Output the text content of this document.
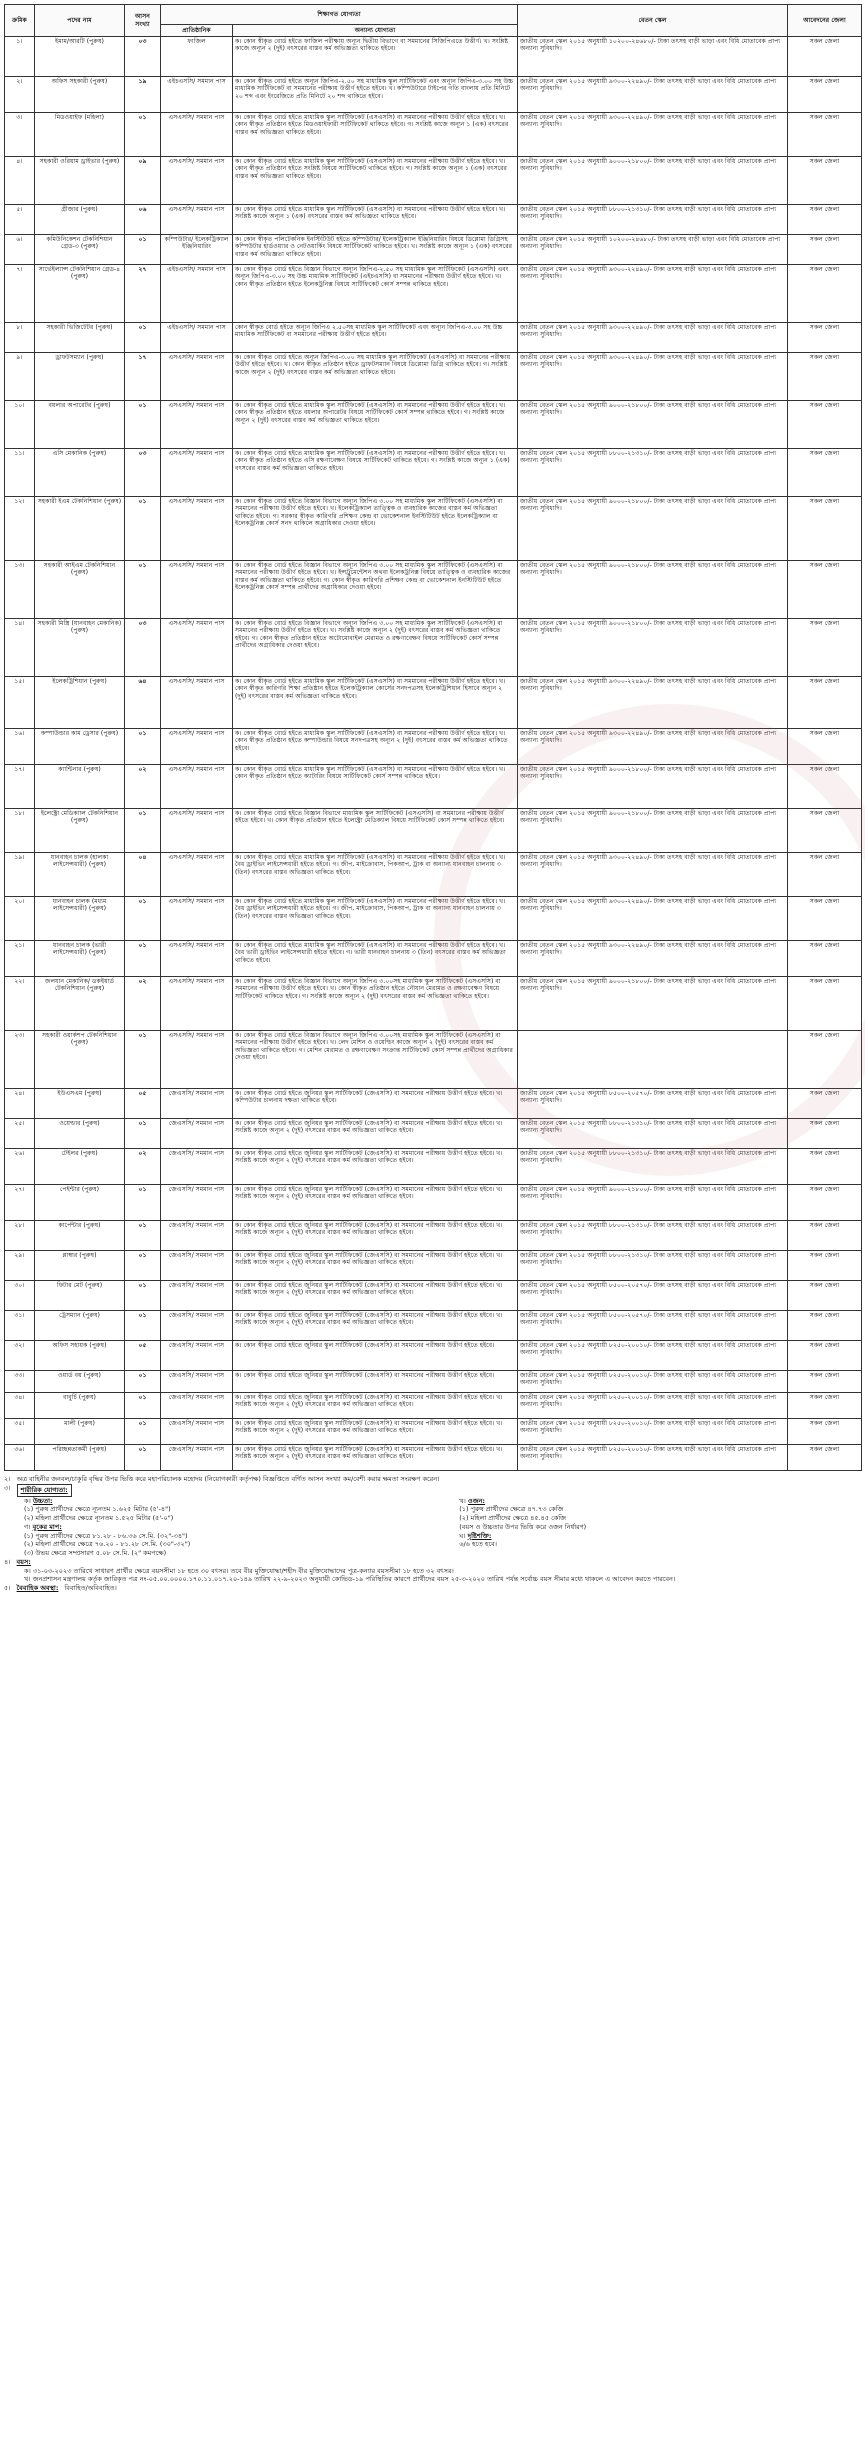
ক্রমিক	পদের নাম	আসন সংখ্যা	শিক্ষাগত যোগ্যতা		বেতন স্কেল	আবেদনের জেলা
			প্রাতিষ্ঠানিক	অন্যান্য যোগ্যতা		
১।	ইমাম/আরটি (পুরুষ)	০৩	ফাজিল	ক। কোন স্বীকৃত বোর্ড হইতে ফাজিল পরীক্ষায় অন্যূন দ্বিতীয় বিভাগে বা সমমানের সিজিপিএতে উত্তীর্ণ। খ। সংশ্লিষ্ট কাজে অন্যূন ২ (দুই) বৎসরের বাস্তব কর্ম অভিজ্ঞতা থাকিতে হইবে।	জাতীয় বেতন স্কেল ২০১৫ অনুযায়ী ১০২০০-২৪৬৮০/- টাকা তৎসহ বাড়ী ভাড়া এবং বিধি মোতাবেক প্রাপ্য অন্যান্য সুবিধাদি।	সকল জেলা
২।	অফিস সহকারী (পুরুষ)	১৯	এইচএসসি/ সমমান পাস	ক। কোন স্বীকৃত বোর্ড হইতে অন্যূন জিপিএ-২.৫০ সহ মাধ্যমিক স্কুল সার্টিফিকেট এবং অন্যূন জিপিএ-৩.০০ সহ উচ্চ মাধ্যমিক সার্টিফিকেট বা সমমানের পরীক্ষায় উত্তীর্ণ হইতে হইবে। খ। কম্পিউটারে টাইপের গতি বাংলায় প্রতি মিনিটে ২০ শব্দ এবং ইংরেজিতে প্রতি মিনিটে ২০ শব্দ থাকিতে হইবে।	জাতীয় বেতন স্কেল ২০১৫ অনুযায়ী ৯৩০০-২২৪৯০/- টাকা তৎসহ বাড়ী ভাড়া এবং বিধি মোতাবেক প্রাপ্য অন্যান্য সুবিধাদি।	সকল জেলা
৩।	মিডওয়াইফ (মহিলা)	০১	এসএসসি/ সমমান পাস	ক। কোন স্বীকৃত বোর্ড হইতে মাধ্যমিক স্কুল সার্টিফিকেট (এসএসসি) বা সমমানের পরীক্ষায় উত্তীর্ণ হইতে হইবে। খ। কোন স্বীকৃত প্রতিষ্ঠান হইতে মিডওয়াইফারী সার্টিফিকেট থাকিতে হইবে। গ। সংশ্লিষ্ট কাজে অন্যূন ১ (এক) বৎসরের বাস্তব কর্ম অভিজ্ঞতা থাকিতে হইবে।	জাতীয় বেতন স্কেল ২০১৫ অনুযায়ী ৯৩০০-২২৪৯০/- টাকা তৎসহ বাড়ী ভাড়া এবং বিধি মোতাবেক প্রাপ্য অন্যান্য সুবিধাদি।	সকল জেলা
৪।	সহকারী ওরিয়াম ড্রাইভার (পুরুষ)	০৯	এসএসসি/ সমমান পাস	ক। কোন স্বীকৃত বোর্ড হইতে মাধ্যমিক স্কুল সার্টিফিকেট (এসএসসি) বা সমমানের পরীক্ষায় উত্তীর্ণ হইতে হইবে। খ। কোন স্বীকৃত প্রতিষ্ঠান হইতে সংশ্লিষ্ট বিষয়ে সার্টিফিকেট থাকিতে হইবে। গ। সংশ্লিষ্ট কাজে অন্যূন ১ (এক) বৎসরের বাস্তব কর্ম অভিজ্ঞতা থাকিতে হইবে।	জাতীয় বেতন স্কেল ২০১৫ অনুযায়ী ৯০০০-২১৮০০/- টাকা তৎসহ বাড়ী ভাড়া এবং বিধি মোতাবেক প্রাপ্য অন্যান্য সুবিধাদি।	সকল জেলা
৫।	গ্রীজার (পুরুষ)	০৬	এসএসসি/ সমমান পাস	ক। কোন স্বীকৃত বোর্ড হইতে মাধ্যমিক স্কুল সার্টিফিকেট (এসএসসি) বা সমমানের পরীক্ষায় উত্তীর্ণ হইতে হইবে। খ। সংশ্লিষ্ট কাজে অন্যূন ১ (এক) বৎসরের বাস্তব কর্ম অভিজ্ঞতা থাকিতে হইবে।	জাতীয় বেতন স্কেল ২০১৫ অনুযায়ী ৮৮০০-২১৩১০/- টাকা তৎসহ বাড়ী ভাড়া এবং বিধি মোতাবেক প্রাপ্য অন্যান্য সুবিধাদি।	সকল জেলা
৬।	কমিউনিকেশন টেকনিশিয়ান গ্রেড-৩ (পুরুষ)	০১	কম্পিউটার/ ইলেকট্রিক্যাল ইঞ্জিনিয়ারিং	ক। কোন স্বীকৃত পলিটেকনিক ইনস্টিটিউট হইতে কম্পিউটার/ ইলেকট্রিক্যাল ইঞ্জিনিয়ারিং বিষয়ে ডিপ্লোমা ডিগ্রিসহ কম্পিউটার হার্ডওয়্যার ও নেটওয়ার্কিং বিষয়ে সার্টিফিকেট থাকিতে হইবে। খ। সংশ্লিষ্ট কাজে অন্যূন ১ (এক) বৎসরের বাস্তব কর্ম অভিজ্ঞতা থাকিতে হইবে।	জাতীয় বেতন স্কেল ২০১৫ অনুযায়ী ১০২০০-২৪৬৮০/- টাকা তৎসহ বাড়ী ভাড়া এবং বিধি মোতাবেক প্রাপ্য অন্যান্য সুবিধাদি।	সকল জেলা
৭।	সার্ভেইল্যান্স টেকনিশিয়ান গ্রেড-৪ (পুরুষ)	২৭	এইচএসসি/ সমমান পাস	ক। কোন স্বীকৃত বোর্ড হইতে বিজ্ঞান বিভাগে অন্যূন জিপিএ-২.৫০ সহ মাধ্যমিক স্কুল সার্টিফিকেট (এসএসসি) এবং অন্যূন জিপিএ-৩.০০ সহ উচ্চ মাধ্যমিক সার্টিফিকেট (এইচএসসি) বা সমমানের পরীক্ষায় উত্তীর্ণ হইতে হইবে। খ। কোন স্বীকৃত প্রতিষ্ঠান হইতে ইলেকট্রনিক্স বিষয়ে সার্টিফিকেট কোর্স সম্পন্ন থাকিতে হইবে।	জাতীয় বেতন স্কেল ২০১৫ অনুযায়ী ৯৩০০-২২৪৯০/- টাকা তৎসহ বাড়ী ভাড়া এবং বিধি মোতাবেক প্রাপ্য অন্যান্য সুবিধাদি।	সকল জেলা
৮।	সহকারী ভিজিটেটর (পুরুষ)	০১	এইচএসসি/ সমমান পাস	কোন স্বীকৃত বোর্ড হইতে অন্যূন জিপিএ ২.৫০সহ মাধ্যমিক স্কুল সার্টিফিকেট এবং অন্যূন জিপিএ-৩.০০ সহ উচ্চ মাধ্যমিক সার্টিফিকেট বা সমমানের পরীক্ষায় উত্তীর্ণ হইতে হইবে।	জাতীয় বেতন স্কেল ২০১৫ অনুযায়ী ৯৩০০-২২৪৯০/- টাকা তৎসহ বাড়ী ভাড়া এবং বিধি মোতাবেক প্রাপ্য অন্যান্য সুবিধাদি।	সকল জেলা
৯।	ড্রাফটসম্যান (পুরুষ)	১৭	এসএসসি/ সমমান পাস	ক। কোন স্বীকৃত বোর্ড হইতে অন্যূন জিপিএ-৩.০০ সহ মাধ্যমিক স্কুল সার্টিফিকেট (এসএসসি) বা সমমানের পরীক্ষায় উত্তীর্ণ হইতে হইবে। খ। কোন স্বীকৃত প্রতিষ্ঠান হইতে ড্রাফটসম্যান বিষয়ে ডিপ্লোমা ডিগ্রি থাকিতে হইবে। গ। সংশ্লিষ্ট কাজে অন্যূন ২ (দুই) বৎসরের বাস্তব কর্ম অভিজ্ঞতা থাকিতে হইবে।	জাতীয় বেতন স্কেল ২০১৫ অনুযায়ী ৯৩০০-২২৪৯০/- টাকা তৎসহ বাড়ী ভাড়া এবং বিধি মোতাবেক প্রাপ্য অন্যান্য সুবিধাদি।	সকল জেলা
১০।	বয়লার অপারেটর (পুরুষ)	০১	এসএসসি/ সমমান পাস	ক। কোন স্বীকৃত বোর্ড হইতে মাধ্যমিক স্কুল সার্টিফিকেট (এসএসসি) বা সমমানের পরীক্ষায় উত্তীর্ণ হইতে হইবে। খ। কোন স্বীকৃত প্রতিষ্ঠান হইতে বয়লার অপারেটর বিষয়ে সার্টিফিকেট কোর্স সম্পন্ন থাকিতে হইবে। গ। সংশ্লিষ্ট কাজে অন্যূন ২ (দুই) বৎসরের বাস্তব কর্ম অভিজ্ঞতা থাকিতে হইবে।	জাতীয় বেতন স্কেল ২০১৫ অনুযায়ী ৯০০০-২১৮০০/- টাকা তৎসহ বাড়ী ভাড়া এবং বিধি মোতাবেক প্রাপ্য অন্যান্য সুবিধাদি।	সকল জেলা
১১।	এসি মেকানিক (পুরুষ)	০৩	এসএসসি/ সমমান পাস	ক। কোন স্বীকৃত বোর্ড হইতে মাধ্যমিক স্কুল সার্টিফিকেট (এসএসসি) বা সমমানের পরীক্ষায় উত্তীর্ণ হইতে হইবে। খ। কোন স্বীকৃত প্রতিষ্ঠান হইতে এসি রক্ষণাবেক্ষণ বিষয়ে সার্টিফিকেট থাকিতে হইবে। গ। সংশ্লিষ্ট কাজে অন্যূন ১ (এক) বৎসরের বাস্তব কর্ম অভিজ্ঞতা থাকিতে হইবে।	জাতীয় বেতন স্কেল ২০১৫ অনুযায়ী ৮৮০০-২১৩১০/- টাকা তৎসহ বাড়ী ভাড়া এবং বিধি মোতাবেক প্রাপ্য অন্যান্য সুবিধাদি।	সকল জেলা
১২।	সহকারী ইএম টেকনিশিয়ান (পুরুষ)	০১	এসএসসি/ সমমান পাস	ক। কোন স্বীকৃত বোর্ড হইতে বিজ্ঞান বিভাগে অন্যূন জিপিএ ৩.০০ সহ মাধ্যমিক স্কুল সার্টিফিকেট (এসএসসি) বা সমমানের পরীক্ষায় উত্তীর্ণ হইতে হইবে। খ। ইলেকট্রিক্যাল তাত্ত্বিক ও ব্যবহারিক কাজের বাস্তব কর্ম অভিজ্ঞতা থাকিতে হইবে। গ। সরকার স্বীকৃত কারিগরি প্রশিক্ষণ কেন্দ্র বা ভোকেশনাল ইনস্টিটিউট হইতে ইলেকট্রিক্যাল বা ইলেকট্রনিক্স কোর্স সনদ থাকিলে অগ্রাধিকার দেওয়া হইবে।	জাতীয় বেতন স্কেল ২০১৫ অনুযায়ী ৯০০০-২১৮০০/- টাকা তৎসহ বাড়ী ভাড়া এবং বিধি মোতাবেক প্রাপ্য অন্যান্য সুবিধাদি।	সকল জেলা
১৩।	সহকারী আইএম টেকনিশিয়ান (পুরুষ)	০১	এসএসসি/ সমমান পাস	ক। কোন স্বীকৃত বোর্ড হইতে বিজ্ঞান বিভাগে অন্যূন জিপিএ ৩.০০ সহ মাধ্যমিক স্কুল সার্টিফিকেট (এসএসসি) বা সমমানের পরীক্ষায় উত্তীর্ণ হইতে হইবে। খ। ইন্সট্রুমেন্টেশন অথবা ইলেকট্রনিক্স বিষয়ে তাত্ত্বিক ও ব্যবহারিক কাজের বাস্তব কর্ম অভিজ্ঞতা থাকিতে হইবে। গ। কোন স্বীকৃত কারিগরি প্রশিক্ষণ কেন্দ্র বা ভোকেশনাল ইনস্টিটিউট হইতে ইলেকট্রনিক্স কোর্স সম্পন্ন প্রার্থীদের অগ্রাধিকার দেওয়া হইবে।	জাতীয় বেতন স্কেল ২০১৫ অনুযায়ী ৯০০০-২১৮০০/- টাকা তৎসহ বাড়ী ভাড়া এবং বিধি মোতাবেক প্রাপ্য অন্যান্য সুবিধাদি।	সকল জেলা
১৪।	সহকারী মিস্ত্রি (যানবাহন মেকানিক) (পুরুষ)	০৩	এসএসসি/ সমমান পাস	ক। কোন স্বীকৃত বোর্ড হইতে বিজ্ঞান বিভাগে অন্যূন জিপিএ ৩.০০ সহ মাধ্যমিক স্কুল সার্টিফিকেট (এসএসসি) বা সমমানের পরীক্ষায় উত্তীর্ণ হইতে হইবে। খ। সংশ্লিষ্ট কাজে অন্যূন ২ (দুই) বৎসরের বাস্তব কর্ম অভিজ্ঞতা থাকিতে হইবে। গ। কোন স্বীকৃত প্রতিষ্ঠান হইতে অটোমোবাইল মেরামত ও রক্ষণাবেক্ষণ বিষয়ে সার্টিফিকেট কোর্স সম্পন্ন প্রার্থীদের অগ্রাধিকার দেওয়া হইবে।	জাতীয় বেতন স্কেল ২০১৫ অনুযায়ী ৯০০০-২১৮০০/- টাকা তৎসহ বাড়ী ভাড়া এবং বিধি মোতাবেক প্রাপ্য অন্যান্য সুবিধাদি।	সকল জেলা
১৫।	ইলেকট্রিশিয়ান (পুরুষ)	৬৪	এসএসসি/ সমমান পাস	ক। কোন স্বীকৃত বোর্ড হইতে মাধ্যমিক স্কুল সার্টিফিকেট (এসএসসি) বা সমমানের পরীক্ষায় উত্তীর্ণ হইতে হইবে। খ। কোন স্বীকৃত কারিগরি শিক্ষা প্রতিষ্ঠান হইতে ইলেকট্রিক্যাল কোর্সের সনদপত্রসহ ইলেকট্রিশিয়ান হিসাবে অন্যূন ২ (দুই) বৎসরের বাস্তব কর্ম অভিজ্ঞতা থাকিতে হইবে।	জাতীয় বেতন স্কেল ২০১৫ অনুযায়ী ৯৩০০-২২৪৯০/- টাকা তৎসহ বাড়ী ভাড়া এবং বিধি মোতাবেক প্রাপ্য অন্যান্য সুবিধাদি।	সকল জেলা
১৬।	কম্পাউন্ডার কাম ড্রেসার (পুরুষ)	০১	এসএসসি/ সমমান পাস	ক। কোন স্বীকৃত বোর্ড হইতে মাধ্যমিক স্কুল সার্টিফিকেট (এসএসসি) বা সমমানের পরীক্ষায় উত্তীর্ণ হইতে হইবে। খ। কোন স্বীকৃত প্রতিষ্ঠান হইতে কম্পাউন্ডার বিষয়ে সনদপত্রসহ অন্যূন ২ (দুই) বৎসরের বাস্তব কর্ম অভিজ্ঞতা থাকিতে হইবে।	জাতীয় বেতন স্কেল ২০১৫ অনুযায়ী ৯৩০০-২২৪৯০/- টাকা তৎসহ বাড়ী ভাড়া এবং বিধি মোতাবেক প্রাপ্য অন্যান্য সুবিধাদি।	সকল জেলা
১৭।	ক্যান্টিনার (পুরুষ)	০২	এসএসসি/ সমমান পাস	ক। কোন স্বীকৃত বোর্ড হইতে মাধ্যমিক স্কুল সার্টিফিকেট (এসএসসি) বা সমমানের পরীক্ষায় উত্তীর্ণ হইতে হইবে। খ। কোন স্বীকৃত প্রতিষ্ঠান হইতে ক্যাটারিং বিষয়ে সার্টিফিকেট কোর্স সম্পন্ন থাকিতে হইবে।	জাতীয় বেতন স্কেল ২০১৫ অনুযায়ী ৯০০০-২১৮০০/- টাকা তৎসহ বাড়ী ভাড়া এবং বিধি মোতাবেক প্রাপ্য অন্যান্য সুবিধাদি।	সকল জেলা
১৮।	ইলেক্ট্রো মেডিক্যাল টেকনিশিয়ান (পুরুষ)	০১	এসএসসি/ সমমান পাস	ক। কোন স্বীকৃত বোর্ড হইতে বিজ্ঞান বিভাগে মাধ্যমিক স্কুল সার্টিফিকেট (এসএসসি) বা সমমানের পরীক্ষায় উত্তীর্ণ হইতে হইবে। খ। কোন স্বীকৃত প্রতিষ্ঠান হইতে ইলেক্ট্রো মেডিক্যাল বিষয়ে সার্টিফিকেট কোর্স সম্পন্ন থাকিতে হইবে।	জাতীয় বেতন স্কেল ২০১৫ অনুযায়ী ৯০০০-২১৮০০/- টাকা তৎসহ বাড়ী ভাড়া এবং বিধি মোতাবেক প্রাপ্য অন্যান্য সুবিধাদি।	সকল জেলা
১৯।	যানবাহন চালক (হালকা লাইসেন্সধারী) (পুরুষ)	০৪	এসএসসি/ সমমান পাস	ক। কোন স্বীকৃত বোর্ড হইতে মাধ্যমিক স্কুল সার্টিফিকেট (এসএসসি) বা সমমানের পরীক্ষায় উত্তীর্ণ হইতে হইবে। খ। বৈধ ড্রাইভিং লাইসেন্সধারী হইতে হইবে। গ। জীপ, মাইক্রোবাস, পিকআপ, ট্রাক বা অন্যান্য যানবাহন চালনায় ৩ (তিন) বৎসরের বাস্তব অভিজ্ঞতা থাকিতে হইবে।	জাতীয় বেতন স্কেল ২০১৫ অনুযায়ী ৯৩০০-২২৪৯০/- টাকা তৎসহ বাড়ী ভাড়া এবং বিধি মোতাবেক প্রাপ্য অন্যান্য সুবিধাদি।	সকল জেলা
২০।	যানবাহন চালক (মধ্যম লাইসেন্সধারী) (পুরুষ)	০১	এসএসসি/ সমমান পাস	ক। কোন স্বীকৃত বোর্ড হইতে মাধ্যমিক স্কুল সার্টিফিকেট (এসএসসি) বা সমমানের পরীক্ষায় উত্তীর্ণ হইতে হইবে। খ। বৈধ ড্রাইভিং লাইসেন্সধারী হইতে হইবে। গ। জীপ, মাইক্রোবাস, পিকআপ, ট্রাক বা অন্যান্য যানবাহন চালনায় ৩ (তিন) বৎসরের বাস্তব অভিজ্ঞতা থাকিতে হইবে।	জাতীয় বেতন স্কেল ২০১৫ অনুযায়ী ৯৩০০-২২৪৯০/- টাকা তৎসহ বাড়ী ভাড়া এবং বিধি মোতাবেক প্রাপ্য অন্যান্য সুবিধাদি।	সকল জেলা
২১।	যানবাহন চালক (ভারী লাইসেন্সধারী) (পুরুষ)	০১	এসএসসি/ সমমান পাস	ক। কোন স্বীকৃত বোর্ড হইতে মাধ্যমিক স্কুল সার্টিফিকেট (এসএসসি) বা সমমানের পরীক্ষায় উত্তীর্ণ হইতে হইবে। খ। বৈধ ভারী ড্রাইভিং লাইসেন্সধারী হইতে হইবে। গ। ভারী যানবাহন চালনায় ৩ (তিন) বৎসরের বাস্তব কর্ম অভিজ্ঞতা থাকিতে হইবে।	জাতীয় বেতন স্কেল ২০১৫ অনুযায়ী ৯৩০০-২২৪৯০/- টাকা তৎসহ বাড়ী ভাড়া এবং বিধি মোতাবেক প্রাপ্য অন্যান্য সুবিধাদি।	সকল জেলা
২২।	জলযান মেকানিক/ ডকইয়ার্ড টেকনিশিয়ান (পুরুষ)	০২	এসএসসি/ সমমান পাস	ক। কোন স্বীকৃত বোর্ড হইতে বিজ্ঞান বিভাগে অন্যূন জিপিএ ৩.০০সহ মাধ্যমিক স্কুল সার্টিফিকেট (এসএসসি) বা সমমানের পরীক্ষায় উত্তীর্ণ হইতে হইবে। খ। কোন স্বীকৃত প্রতিষ্ঠান হইতে নৌযান মেরামত ও রক্ষণাবেক্ষণ বিষয়ে সার্টিফিকেট থাকিতে হইবে। গ। সংশ্লিষ্ট কাজে অন্যূন ২ (দুই) বৎসরের বাস্তব কর্ম অভিজ্ঞতা থাকিতে হইবে।	জাতীয় বেতন স্কেল ২০১৫ অনুযায়ী ৯০০০-২১৮০০/- টাকা তৎসহ বাড়ী ভাড়া এবং বিধি মোতাবেক প্রাপ্য অন্যান্য সুবিধাদি।	সকল জেলা
২৩।	সহকারী ওয়ার্কশপ টেকনিশিয়ান (পুরুষ)	০১	এসএসসি/ সমমান পাস	ক। কোন স্বীকৃত বোর্ড হইতে বিজ্ঞান বিভাগে অন্যূন জিপিএ ৩.০০সহ মাধ্যমিক স্কুল সার্টিফিকেট (এসএসসি) বা সমমানের পরীক্ষায় উত্তীর্ণ হইতে হইবে। খ। লেদ মেশিন ও ওয়েল্ডিং কাজে অন্যূন ২ (দুই) বৎসরের বাস্তব কর্ম অভিজ্ঞতা থাকিতে হইবে। গ। মেশিন মেরামত ও রক্ষণাবেক্ষণ সংক্রান্ত সার্টিফিকেট কোর্স সম্পন্ন প্রার্থীদের অগ্রাধিকার দেওয়া হইবে।		সকল জেলা
২৪।	ইউএসএম (পুরুষ)	০৫	জেএসসি/ সমমান পাস	ক। কোন স্বীকৃত বোর্ড হইতে জুনিয়র স্কুল সার্টিফিকেট (জেএসসি) বা সমমানের পরীক্ষায় উত্তীর্ণ হইতে হইবে। খ। কম্পিউটার চালনায় দক্ষতা থাকিতে হইবে।	জাতীয় বেতন স্কেল ২০১৫ অনুযায়ী ৮৫০০-২০৫৭০/- টাকা তৎসহ বাড়ী ভাড়া এবং বিধি মোতাবেক প্রাপ্য অন্যান্য সুবিধাদি।	সকল জেলা
২৫।	ওয়েল্ডার (পুরুষ)	০১	জেএসসি/ সমমান পাস	ক। কোন স্বীকৃত বোর্ড হইতে জুনিয়র স্কুল সার্টিফিকেট (জেএসসি) বা সমমানের পরীক্ষায় উত্তীর্ণ হইতে হইবে। খ। সংশ্লিষ্ট কাজে অন্যূন ২ (দুই) বৎসরের বাস্তব কর্ম অভিজ্ঞতা থাকিতে হইবে।	জাতীয় বেতন স্কেল ২০১৫ অনুযায়ী ৮৮০০-২১৩১০/- টাকা তৎসহ বাড়ী ভাড়া এবং বিধি মোতাবেক প্রাপ্য অন্যান্য সুবিধাদি।	সকল জেলা
২৬।	টেইলর (পুরুষ)	০২	জেএসসি/ সমমান পাস	ক। কোন স্বীকৃত বোর্ড হইতে জুনিয়র স্কুল সার্টিফিকেট (জেএসসি) বা সমমানের পরীক্ষায় উত্তীর্ণ হইতে হইবে। খ। সংশ্লিষ্ট কাজে অন্যূন ২ (দুই) বৎসরের বাস্তব কর্ম অভিজ্ঞতা থাকিতে হইবে।	জাতীয় বেতন স্কেল ২০১৫ অনুযায়ী ৮৮০০-২১৩১০/- টাকা তৎসহ বাড়ী ভাড়া এবং বিধি মোতাবেক প্রাপ্য অন্যান্য সুবিধাদি।	সকল জেলা
২৭।	পেইন্টার (পুরুষ)	০১	জেএসসি/ সমমান পাস	ক। কোন স্বীকৃত বোর্ড হইতে জুনিয়র স্কুল সার্টিফিকেট (জেএসসি) বা সমমানের পরীক্ষায় উত্তীর্ণ হইতে হইবে। খ। সংশ্লিষ্ট কাজে অন্যূন ২ (দুই) বৎসরের বাস্তব কর্ম অভিজ্ঞতা থাকিতে হইবে।	জাতীয় বেতন স্কেল ২০১৫ অনুযায়ী ৯০০০-২১৮০০/- টাকা তৎসহ বাড়ী ভাড়া এবং বিধি মোতাবেক প্রাপ্য অন্যান্য সুবিধাদি।	সকল জেলা
২৮।	কার্পেন্টার (পুরুষ)	০১	জেএসসি/ সমমান পাস	ক। কোন স্বীকৃত বোর্ড হইতে জুনিয়র স্কুল সার্টিফিকেট (জেএসসি) বা সমমানের পরীক্ষায় উত্তীর্ণ হইতে হইবে। খ। সংশ্লিষ্ট কাজে অন্যূন ২ (দুই) বৎসরের বাস্তব কর্ম অভিজ্ঞতা থাকিতে হইবে।	জাতীয় বেতন স্কেল ২০১৫ অনুযায়ী ৮৮০০-২১৩১০/- টাকা তৎসহ বাড়ী ভাড়া এবং বিধি মোতাবেক প্রাপ্য অন্যান্য সুবিধাদি।	সকল জেলা
২৯।	প্লাম্বার (পুরুষ)	০১	জেএসসি/ সমমান পাস	ক। কোন স্বীকৃত বোর্ড হইতে জুনিয়র স্কুল সার্টিফিকেট (জেএসসি) বা সমমানের পরীক্ষায় উত্তীর্ণ হইতে হইবে। খ। সংশ্লিষ্ট কাজে অন্যূন ২ (দুই) বৎসরের বাস্তব কর্ম অভিজ্ঞতা থাকিতে হইবে।	জাতীয় বেতন স্কেল ২০১৫ অনুযায়ী ৮৮০০-২১৩১০/- টাকা তৎসহ বাড়ী ভাড়া এবং বিধি মোতাবেক প্রাপ্য অন্যান্য সুবিধাদি।	সকল জেলা
৩০।	ফিটার মেট (পুরুষ)	০১	জেএসসি/ সমমান পাস	ক। কোন স্বীকৃত বোর্ড হইতে জুনিয়র স্কুল সার্টিফিকেট (জেএসসি) বা সমমানের পরীক্ষায় উত্তীর্ণ হইতে হইবে। খ। সংশ্লিষ্ট কাজে অন্যূন ২ (দুই) বৎসরের বাস্তব কর্ম অভিজ্ঞতা থাকিতে হইবে।	জাতীয় বেতন স্কেল ২০১৫ অনুযায়ী ৮৫০০-২০৫৭০/- টাকা তৎসহ বাড়ী ভাড়া এবং বিধি মোতাবেক প্রাপ্য অন্যান্য সুবিধাদি।	সকল জেলা
৩১।	ট্রেসম্যান (পুরুষ)	০১	জেএসসি/ সমমান পাস	ক। কোন স্বীকৃত বোর্ড হইতে জুনিয়র স্কুল সার্টিফিকেট (জেএসসি) বা সমমানের পরীক্ষায় উত্তীর্ণ হইতে হইবে। খ। সংশ্লিষ্ট কাজে অন্যূন ২ (দুই) বৎসরের বাস্তব কর্ম অভিজ্ঞতা থাকিতে হইবে।	জাতীয় বেতন স্কেল ২০১৫ অনুযায়ী ৮৫০০-২০৫৭০/- টাকা তৎসহ বাড়ী ভাড়া এবং বিধি মোতাবেক প্রাপ্য অন্যান্য সুবিধাদি।	সকল জেলা
৩২।	অফিস সহায়ক (পুরুষ)	০৫	জেএসসি/ সমমান পাস	ক। কোন স্বীকৃত বোর্ড হইতে জুনিয়র স্কুল সার্টিফিকেট (জেএসসি) বা সমমানের পরীক্ষায় উত্তীর্ণ হইতে হইবে।	জাতীয় বেতন স্কেল ২০১৫ অনুযায়ী ৮২৫০-২০০১০/- টাকা তৎসহ বাড়ী ভাড়া এবং বিধি মোতাবেক প্রাপ্য অন্যান্য সুবিধাদি।	সকল জেলা
৩৩।	ওয়ার্ড বয় (পুরুষ)	০১	জেএসসি/ সমমান পাস	ক। কোন স্বীকৃত বোর্ড হইতে জুনিয়র স্কুল সার্টিফিকেট (জেএসসি) বা সমমানের পরীক্ষায় উত্তীর্ণ হইতে হইবে।	জাতীয় বেতন স্কেল ২০১৫ অনুযায়ী ৮২৫০-২০০১০/- টাকা তৎসহ বাড়ী ভাড়া এবং বিধি মোতাবেক প্রাপ্য অন্যান্য সুবিধাদি।	সকল জেলা
৩৪।	বাবুর্চি (পুরুষ)	০১	জেএসসি/ সমমান পাস	ক। কোন স্বীকৃত বোর্ড হইতে জুনিয়র স্কুল সার্টিফিকেট (জেএসসি) বা সমমানের পরীক্ষায় উত্তীর্ণ হইতে হইবে। খ। সংশ্লিষ্ট কাজে অন্যূন ২ (দুই) বৎসরের বাস্তব কর্ম অভিজ্ঞতা থাকিতে হইবে।	জাতীয় বেতন স্কেল ২০১৫ অনুযায়ী ৮২৫০-২০০১০/- টাকা তৎসহ বাড়ী ভাড়া এবং বিধি মোতাবেক প্রাপ্য অন্যান্য সুবিধাদি।	সকল জেলা
৩৫।	মালী (পুরুষ)	০১	জেএসসি/ সমমান পাস	ক। কোন স্বীকৃত বোর্ড হইতে জুনিয়র স্কুল সার্টিফিকেট (জেএসসি) বা সমমানের পরীক্ষায় উত্তীর্ণ হইতে হইবে। খ। সংশ্লিষ্ট কাজে অন্যূন ২ (দুই) বৎসরের বাস্তব কর্ম অভিজ্ঞতা থাকিতে হইবে।	জাতীয় বেতন স্কেল ২০১৫ অনুযায়ী ৮২৫০-২০০১০/- টাকা তৎসহ বাড়ী ভাড়া এবং বিধি মোতাবেক প্রাপ্য অন্যান্য সুবিধাদি।	সকল জেলা
৩৬।	পরিচ্ছন্নতাকর্মী (পুরুষ)	০১	জেএসসি/ সমমান পাস	ক। কোন স্বীকৃত বোর্ড হইতে জুনিয়র স্কুল সার্টিফিকেট (জেএসসি) বা সমমানের পরীক্ষায় উত্তীর্ণ হইতে হইবে। খ। সংশ্লিষ্ট কাজে অন্যূন ২ (দুই) বৎসরের বাস্তব কর্ম অভিজ্ঞতা থাকিতে হইবে।	জাতীয় বেতন স্কেল ২০১৫ অনুযায়ী ৮২৫০-২০০১০/- টাকা তৎসহ বাড়ী ভাড়া এবং বিধি মোতাবেক প্রাপ্য অন্যান্য সুবিধাদি।	সকল জেলা
২। অত্র বাহিনীর জনবল/চাকুরি বৃদ্ধির উপর ভিত্তি করে মহাপরিচালক মহোদয় (নিয়োগকারী কর্তৃপক্ষ) বিজ্ঞপ্তিতে বর্ণিত আসন সংখ্যা কম/বেশী করার ক্ষমতা সংরক্ষণ করেন।
৩।	শারীরিক যোগ্যতা:
ক। উচ্চতা:
(১) পুরুষ প্রার্থীদের ক্ষেত্রে ন্যূনতম ১.৬২৫ মিটার (৫'-৪")
(২) মহিলা প্রার্থীদের ক্ষেত্রে ন্যূনতম ১.৫২৫ মিটার (৫'-০")
গ। বুকের মাপ:
(১) পুরুষ প্রার্থীদের ক্ষেত্রে ৮১.২৮ - ৮৬.৩৬ সে.মি. (৩২"-৩৪")
(২) মহিলা প্রার্থীদের ক্ষেত্রে ৭৬.২০ - ৮১.২৮ সে.মি. (৩০"-৩২")
(৩) উভয় ক্ষেত্রে সম্প্রসারণ ৫.০৮ সে.মি. (২" কমপক্ষে)
খ। ওজন:
(১) পুরুষ প্রার্থীদের ক্ষেত্রে ৪৭.৭৩ কেজি
(২) মহিলা প্রার্থীদের ক্ষেত্রে ৪৫.৪৫ কেজি
(বয়স ও উচ্চতার উপর ভিত্তি করে ওজন নির্ধারণ)
ঘ। দৃষ্টিশক্তি:
৬/৬ হতে হবে।
৪। বয়স:
ক। ৩১-০৩-২০২৩ তারিখে সাধারণ প্রার্থীর ক্ষেত্রে বয়সসীমা ১৮ হতে ৩০ বৎসর। তবে বীর মুক্তিযোদ্ধা/শহীদ বীর মুক্তিযোদ্ধাদের পুত্র-কন্যার বয়সসীমা ১৮ হতে ৩২ বৎসর।
খ। জনপ্রশাসন মন্ত্রণালয় কর্তৃক জারিকৃত পত্র নং-০৫.০০.০০০০.১৭০.১১.০১৭.২০-১৪৯ তারিখ ২২-৯-২০২৩ অনুযায়ী কোভিড-১৯ পরিস্থিতির কারণে প্রার্থীদের বয়স ২৫-৩-২০২০ তারিখ পর্যন্ত সর্বোচ্চ বয়স সীমার মধ্যে থাকলে এ আবেদন করতে পারবেন।
৫। বৈবাহিক অবস্থা: বিবাহিত/অবিবাহিত।
